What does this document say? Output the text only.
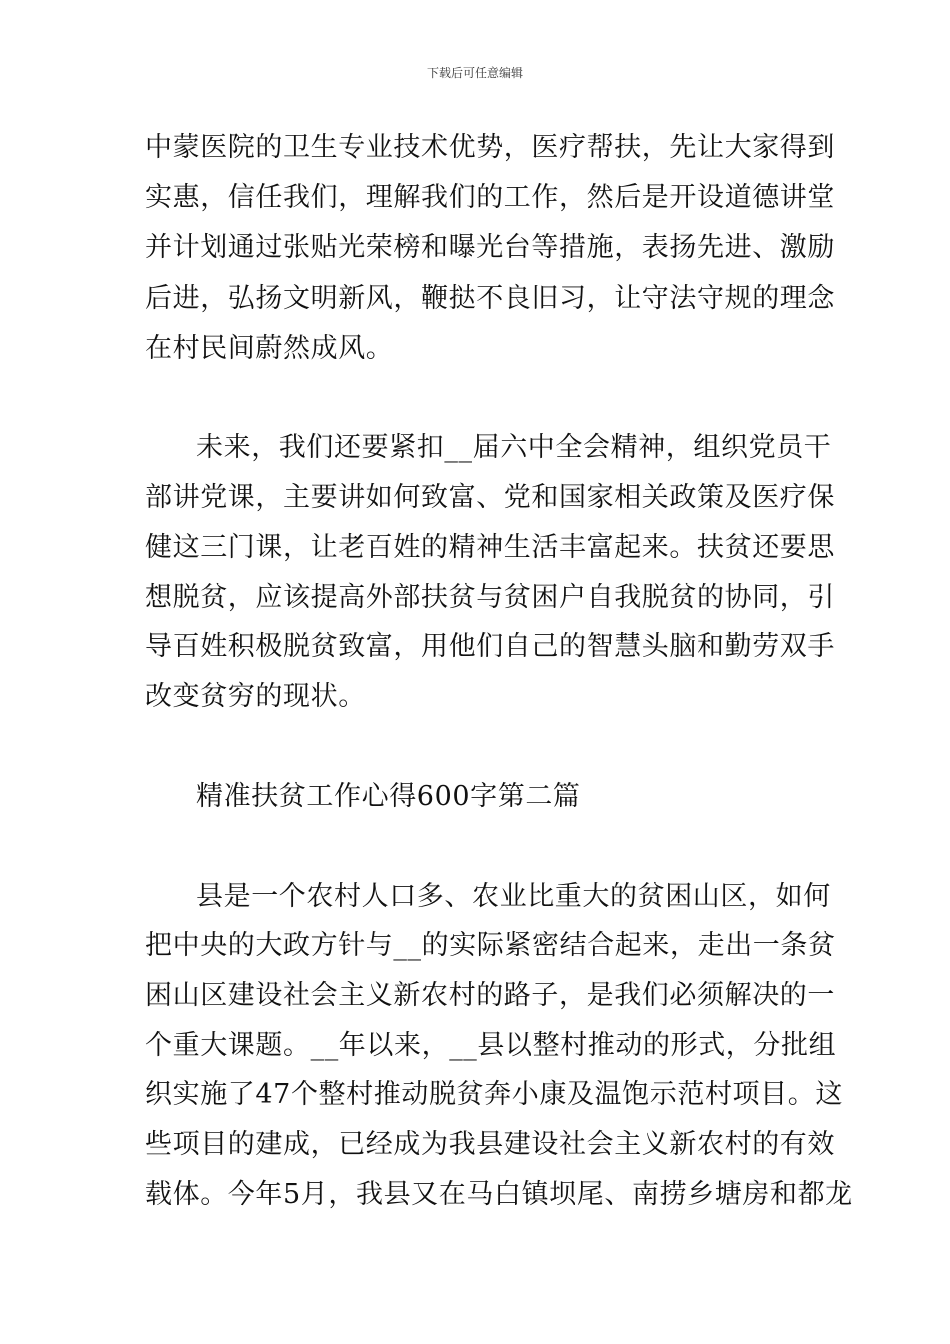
下载后可任意编辑
中蒙医院的卫生专业技术优势，医疗帮扶，先让大家得到
实惠，信任我们，理解我们的工作，然后是开设道德讲堂
并计划通过张贴光荣榜和曝光台等措施，表扬先进、激励
后进，弘扬文明新风，鞭挞不良旧习，让守法守规的理念
在村民间蔚然成风。
未来，我们还要紧扣__届六中全会精神，组织党员干
部讲党课，主要讲如何致富、党和国家相关政策及医疗保
健这三门课，让老百姓的精神生活丰富起来。扶贫还要思
想脱贫，应该提高外部扶贫与贫困户自我脱贫的协同，引
导百姓积极脱贫致富，用他们自己的智慧头脑和勤劳双手
改变贫穷的现状。
精准扶贫工作心得600字第二篇
县是一个农村人口多、农业比重大的贫困山区，如何
把中央的大政方针与__的实际紧密结合起来，走出一条贫
困山区建设社会主义新农村的路子，是我们必须解决的一
个重大课题。__年以来，__县以整村推动的形式，分批组
织实施了47个整村推动脱贫奔小康及温饱示范村项目。这
些项目的建成，已经成为我县建设社会主义新农村的有效
载体。今年5月，我县又在马白镇坝尾、南捞乡塘房和都龙
